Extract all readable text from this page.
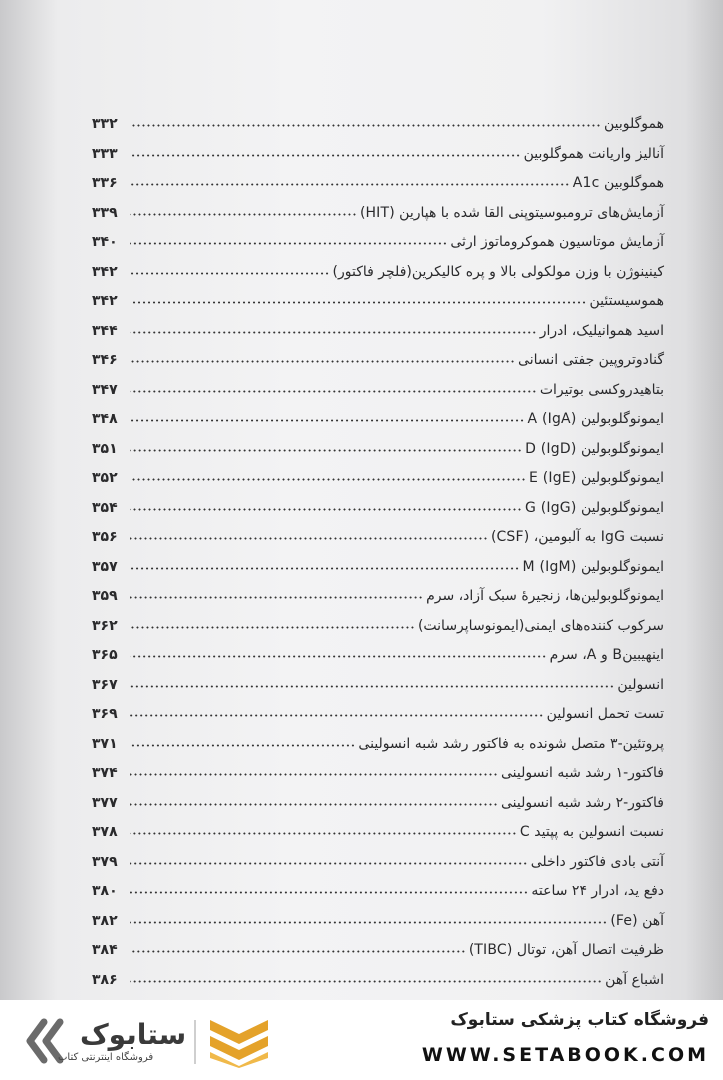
هموگلوبین
۳۳۲
آنالیز واریانت هموگلوبین
۳۳۳
هموگلوبین A1c
۳۳۶
آزمایش‌های ترومبوسیتوپنی القا شده با هپارین (HIT)
۳۳۹
آزمایش موتاسیون هموکروماتوز ارثی
۳۴۰
کینینوژن با وزن مولکولی بالا و پره کالیکرین(فلچر فاکتور)
۳۴۲
هموسیستئین
۳۴۲
اسید هموانیلیک، ادرار
۳۴۴
گنادوتروپین جفتی انسانی
۳۴۶
بتاهیدروکسی بوتیرات
۳۴۷
ایمونوگلوبولین A (IgA)
۳۴۸
ایمونوگلوبولین D (IgD)
۳۵۱
ایمونوگلوبولین E (IgE)
۳۵۲
ایمونوگلوبولین G (IgG)
۳۵۴
نسبت IgG به آلبومین، (CSF)
۳۵۶
ایمونوگلوبولین M (IgM)
۳۵۷
ایمونوگلوبولین‌ها، زنجیرهٔ سبک آزاد، سرم
۳۵۹
سرکوب کننده‌های ایمنی(ایمونوساپرسانت)
۳۶۲
اینهیبینB و A، سرم
۳۶۵
انسولین
۳۶۷
تست تحمل انسولین
۳۶۹
پروتئین-۳ متصل شونده به فاکتور رشد شبه انسولینی
۳۷۱
فاکتور-۱ رشد شبه انسولینی
۳۷۴
فاکتور-۲ رشد شبه انسولینی
۳۷۷
نسبت انسولین به پپتید C
۳۷۸
آنتی بادی فاکتور داخلی
۳۷۹
دفع ید، ادرار ۲۴ ساعته
۳۸۰
آهن (Fe)
۳۸۲
ظرفیت اتصال آهن، توتال (TIBC)
۳۸۴
اشباع آهن
۳۸۶
ستابوک
فروشگاه اینترنتی کتاب
فروشگاه کتاب پزشکی ستابوک
WWW.SETABOOK.COM
